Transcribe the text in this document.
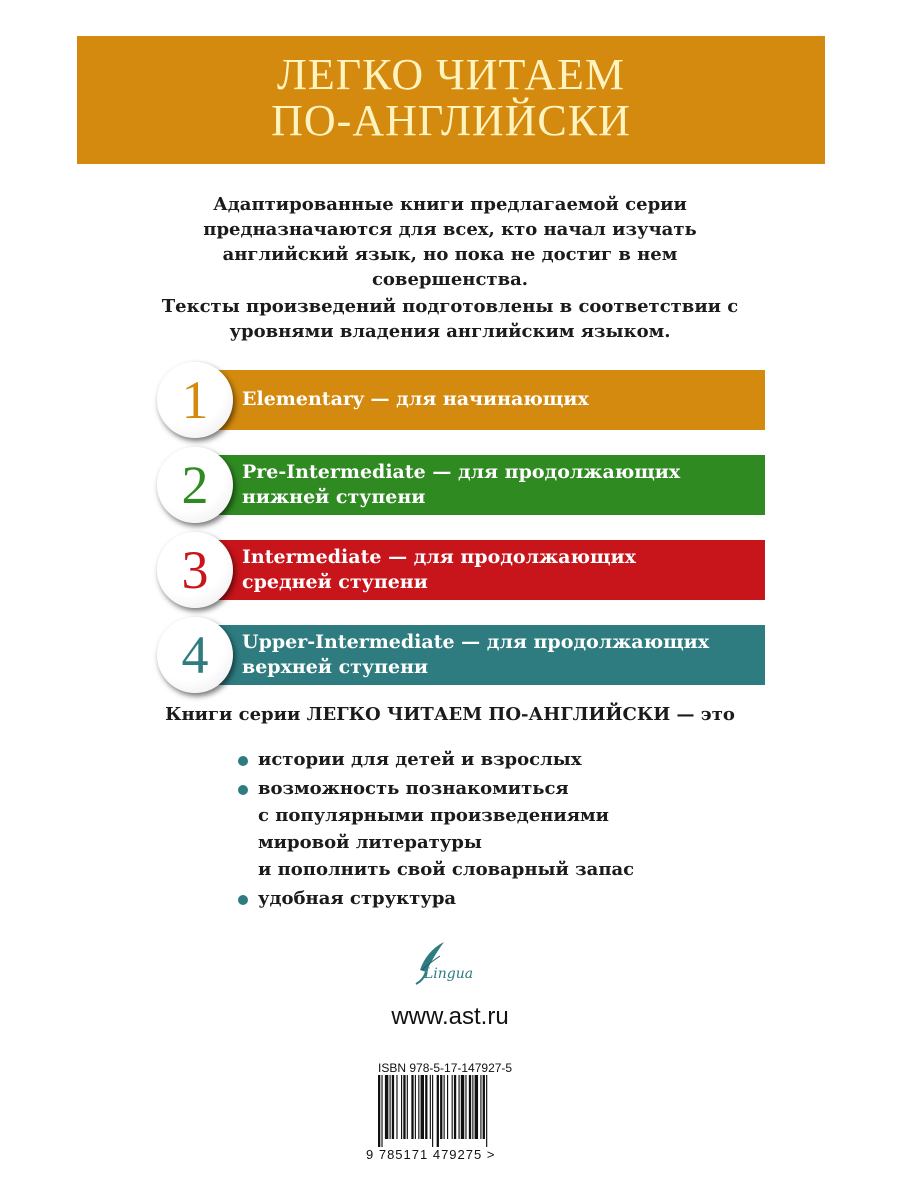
ЛЕГКО ЧИТАЕМ
ПО-АНГЛИЙСКИ
Адаптированные книги предлагаемой серии предназначаются для всех, кто начал изучать английский язык, но пока не достиг в нем совершенства.
Тексты произведений подготовлены в соответствии с уровнями владения английским языком.
Elementary — для начинающих
Pre-Intermediate — для продолжающих
нижней ступени
Intermediate — для продолжающих
средней ступени
Upper-Intermediate — для продолжающих
верхней ступени
1
2
3
4
Книги серии ЛЕГКО ЧИТАЕМ ПО-АНГЛИЙСКИ — это
истории для детей и взрослых
возможность познакомиться
с популярными произведениями
мировой литературы
и пополнить свой словарный запас
удобная структура
Lingua
www.ast.ru
ISBN 978-5-17-147927-5
9 785171 479275 >
